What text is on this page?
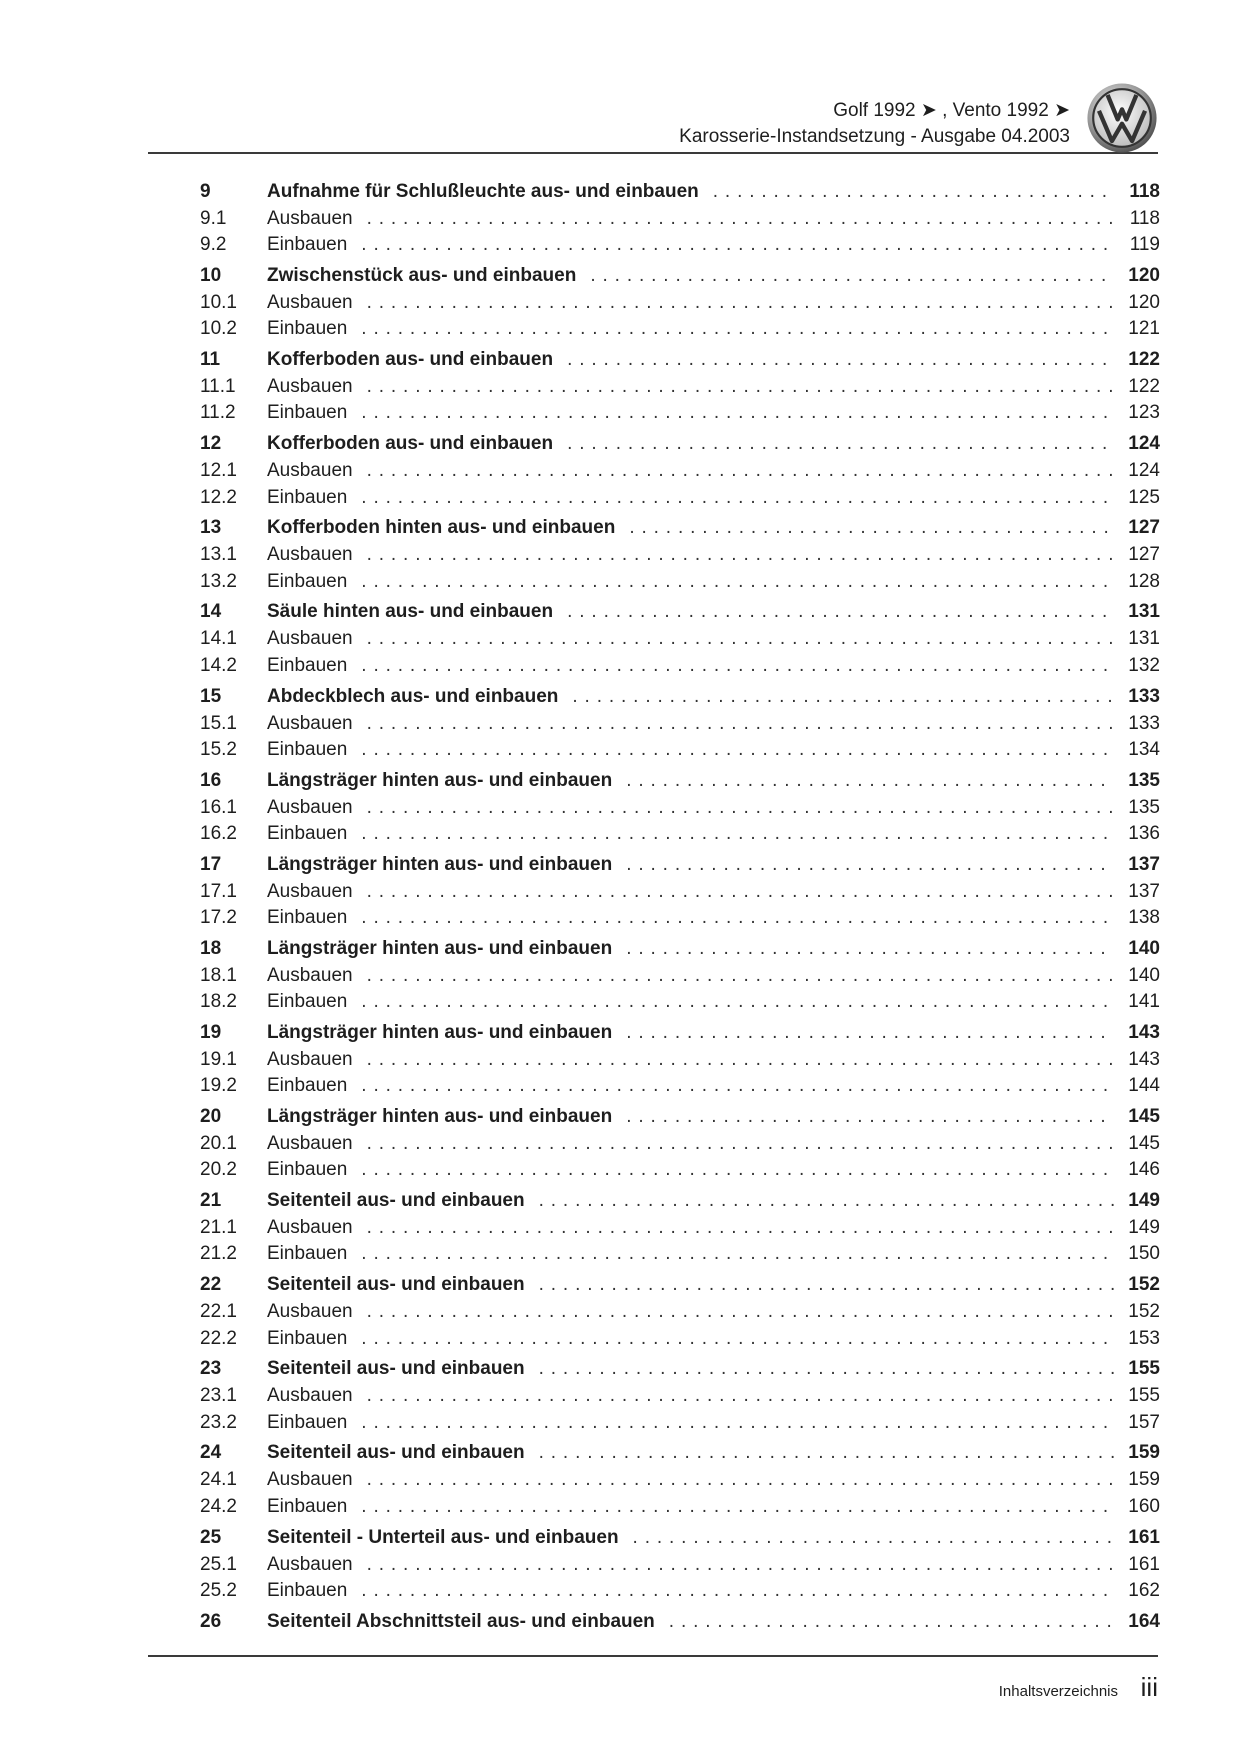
Golf 1992 ➤ , Vento 1992 ➤
Karosserie-Instandsetzung - Ausgabe 04.2003
9	Aufnahme für Schlußleuchte aus- und einbauen . . .	118
9.1	Ausbauen . . .	118
9.2	Einbauen . . .	119
10	Zwischenstück aus- und einbauen . . .	120
10.1	Ausbauen . . .	120
10.2	Einbauen . . .	121
11	Kofferboden aus- und einbauen . . .	122
11.1	Ausbauen . . .	122
11.2	Einbauen . . .	123
12	Kofferboden aus- und einbauen . . .	124
12.1	Ausbauen . . .	124
12.2	Einbauen . . .	125
13	Kofferboden hinten aus- und einbauen . . .	127
13.1	Ausbauen . . .	127
13.2	Einbauen . . .	128
14	Säule hinten aus- und einbauen . . .	131
14.1	Ausbauen . . .	131
14.2	Einbauen . . .	132
15	Abdeckblech aus- und einbauen . . .	133
15.1	Ausbauen . . .	133
15.2	Einbauen . . .	134
16	Längsträger hinten aus- und einbauen . . .	135
16.1	Ausbauen . . .	135
16.2	Einbauen . . .	136
17	Längsträger hinten aus- und einbauen . . .	137
17.1	Ausbauen . . .	137
17.2	Einbauen . . .	138
18	Längsträger hinten aus- und einbauen . . .	140
18.1	Ausbauen . . .	140
18.2	Einbauen . . .	141
19	Längsträger hinten aus- und einbauen . . .	143
19.1	Ausbauen . . .	143
19.2	Einbauen . . .	144
20	Längsträger hinten aus- und einbauen . . .	145
20.1	Ausbauen . . .	145
20.2	Einbauen . . .	146
21	Seitenteil aus- und einbauen . . .	149
21.1	Ausbauen . . .	149
21.2	Einbauen . . .	150
22	Seitenteil aus- und einbauen . . .	152
22.1	Ausbauen . . .	152
22.2	Einbauen . . .	153
23	Seitenteil aus- und einbauen . . .	155
23.1	Ausbauen . . .	155
23.2	Einbauen . . .	157
24	Seitenteil aus- und einbauen . . .	159
24.1	Ausbauen . . .	159
24.2	Einbauen . . .	160
25	Seitenteil - Unterteil aus- und einbauen . . .	161
25.1	Ausbauen . . .	161
25.2	Einbauen . . .	162
26	Seitenteil Abschnittsteil aus- und einbauen . . .	164
Inhaltsverzeichnis iii
